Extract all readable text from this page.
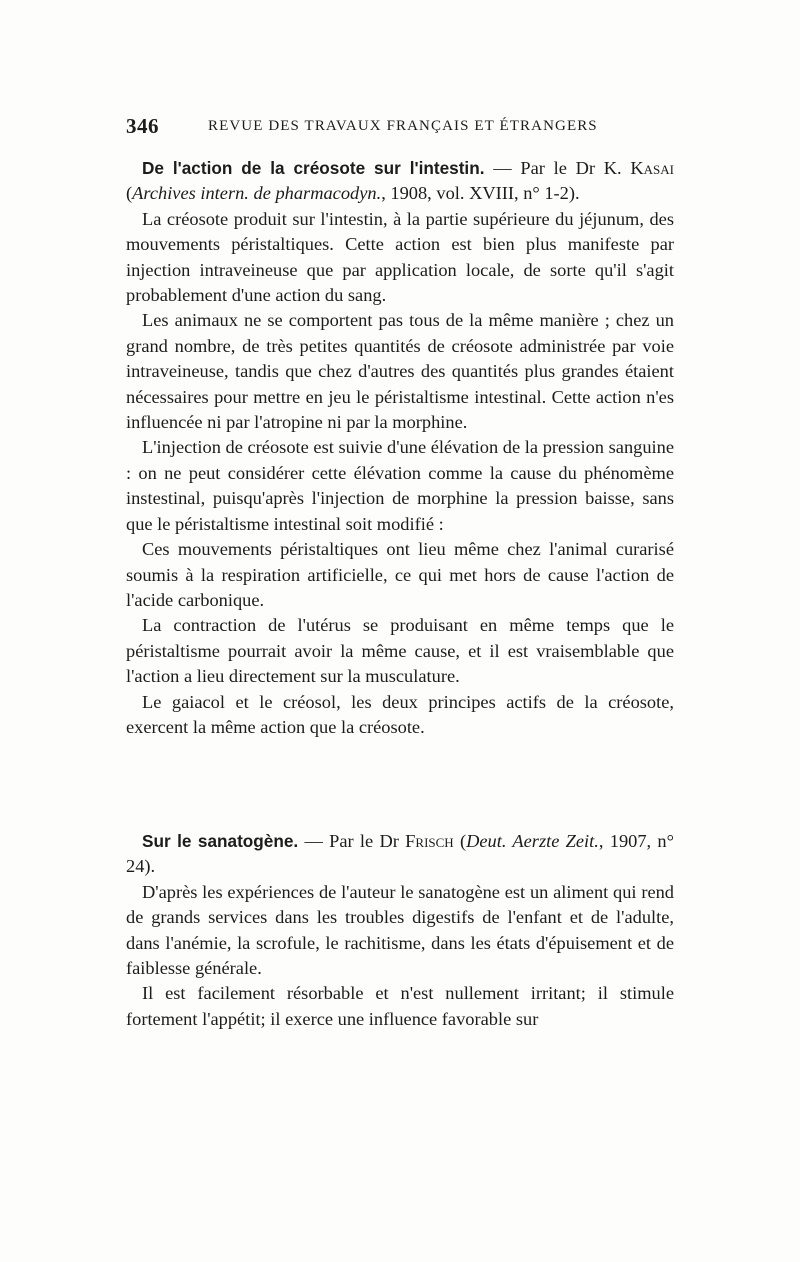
346	REVUE DES TRAVAUX FRANÇAIS ET ÉTRANGERS
De l'action de la créosote sur l'intestin. — Par le Dr K. Kasai (Archives intern. de pharmacodyn., 1908, vol. XVIII, n° 1-2).

La créosote produit sur l'intestin, à la partie supérieure du jéjunum, des mouvements péristaltiques. Cette action est bien plus manifeste par injection intraveineuse que par application locale, de sorte qu'il s'agit probablement d'une action du sang.

Les animaux ne se comportent pas tous de la même manière ; chez un grand nombre, de très petites quantités de créosote administrée par voie intraveineuse, tandis que chez d'autres des quantités plus grandes étaient nécessaires pour mettre en jeu le péristaltisme intestinal. Cette action n'es influencée ni par l'atropine ni par la morphine.

L'injection de créosote est suivie d'une élévation de la pression sanguine : on ne peut considérer cette élévation comme la cause du phénomème instestinal, puisqu'après l'injection de morphine la pression baisse, sans que le péristaltisme intestinal soit modifié :

Ces mouvements péristaltiques ont lieu même chez l'animal curarisé soumis à la respiration artificielle, ce qui met hors de cause l'action de l'acide carbonique.

La contraction de l'utérus se produisant en même temps que le péristaltisme pourrait avoir la même cause, et il est vraisemblable que l'action a lieu directement sur la musculature.

Le gaiacol et le créosol, les deux principes actifs de la créosote, exercent la même action que la créosote.

Sur le sanatogène. — Par le Dr Frisch (Deut. Aerzte Zeit., 1907, n° 24).

D'après les expériences de l'auteur le sanatogène est un aliment qui rend de grands services dans les troubles digestifs de l'enfant et de l'adulte, dans l'anémie, la scrofule, le rachitisme, dans les états d'épuisement et de faiblesse générale.

Il est facilement résorbable et n'est nullement irritant; il stimule fortement l'appétit; il exerce une influence favorable sur
